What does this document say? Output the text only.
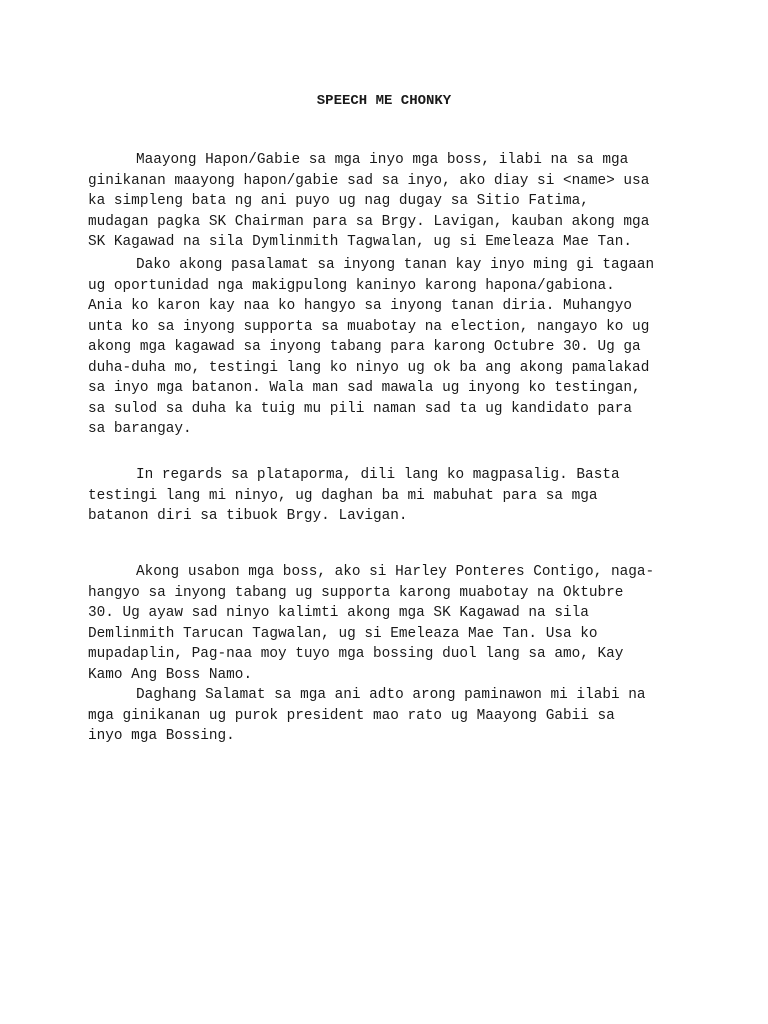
SPEECH ME CHONKY
Maayong Hapon/Gabie sa mga inyo mga boss, ilabi na sa mga
ginikanan maayong hapon/gabie sad sa inyo, ako diay si <name> usa
ka simpleng bata ng ani puyo ug nag dugay sa Sitio Fatima,
mudagan pagka SK Chairman para sa Brgy. Lavigan, kauban akong mga
SK Kagawad na sila Dymlinmith Tagwalan, ug si Emeleaza Mae Tan.
Dako akong pasalamat sa inyong tanan kay inyo ming gi tagaan
ug oportunidad nga makigpulong kaninyo karong hapona/gabiona.
Ania ko karon kay naa ko hangyo sa inyong tanan diria. Muhangyo
unta ko sa inyong supporta sa muabotay na election, nangayo ko ug
akong mga kagawad sa inyong tabang para karong Octubre 30. Ug ga
duha-duha mo, testingi lang ko ninyo ug ok ba ang akong pamalakad
sa inyo mga batanon. Wala man sad mawala ug inyong ko testingan,
sa sulod sa duha ka tuig mu pili naman sad ta ug kandidato para
sa barangay.
In regards sa plataporma, dili lang ko magpasalig. Basta
testingi lang mi ninyo, ug daghan ba mi mabuhat para sa mga
batanon diri sa tibuok Brgy. Lavigan.
Akong usabon mga boss, ako si Harley Ponteres Contigo, naga-
hangyo sa inyong tabang ug supporta karong muabotay na Oktubre
30. Ug ayaw sad ninyo kalimti akong mga SK Kagawad na sila
Demlinmith Tarucan Tagwalan, ug si Emeleaza Mae Tan. Usa ko
mupadaplin, Pag-naa moy tuyo mga bossing duol lang sa amo, Kay
Kamo Ang Boss Namo.
Daghang Salamat sa mga ani adto arong paminawon mi ilabi na
mga ginikanan ug purok president mao rato ug Maayong Gabii sa
inyo mga Bossing.
